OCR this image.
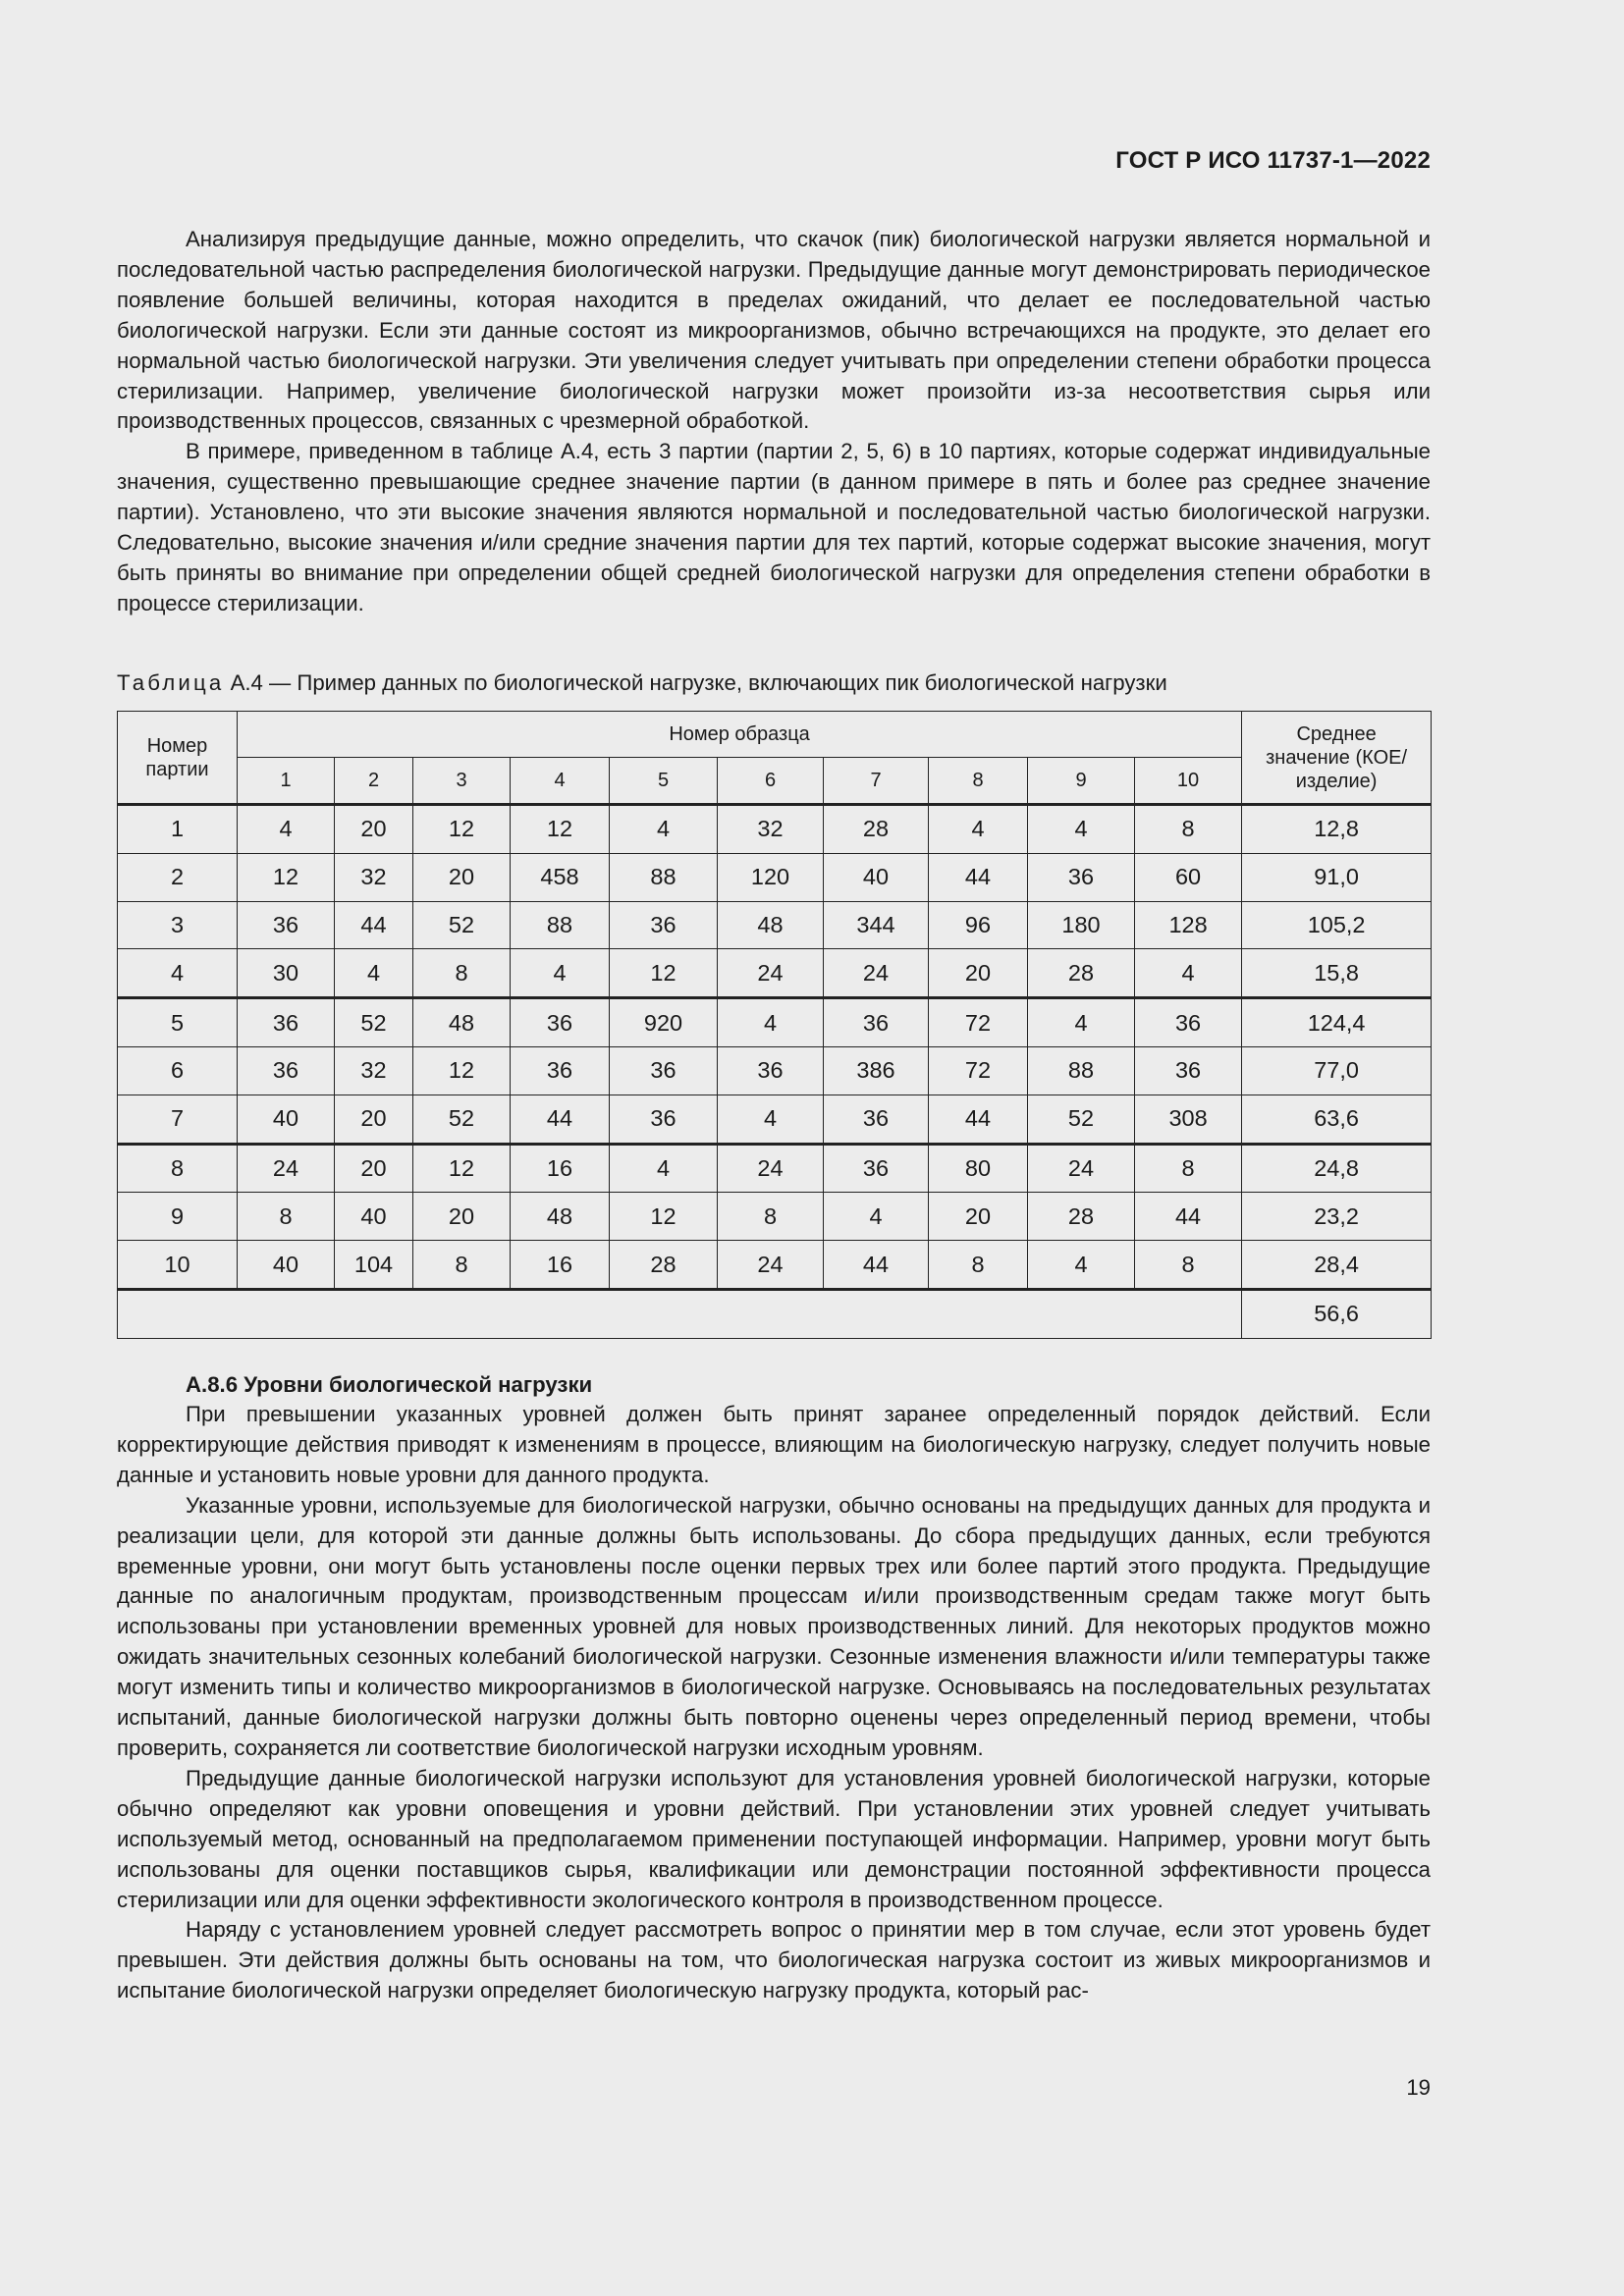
ГОСТ Р ИСО 11737-1—2022

Анализируя предыдущие данные, можно определить, что скачок (пик) биологической нагрузки является нормальной и последовательной частью распределения биологической нагрузки. Предыдущие данные могут демонстрировать периодическое появление большей величины, которая находится в пределах ожиданий, что делает ее последовательной частью биологической нагрузки. Если эти данные состоят из микроорганизмов, обычно встречающихся на продукте, это делает его нормальной частью биологической нагрузки. Эти увеличения следует учитывать при определении степени обработки процесса стерилизации. Например, увеличение биологической нагрузки может произойти из-за несоответствия сырья или производственных процессов, связанных с чрезмерной обработкой.

В примере, приведенном в таблице А.4, есть 3 партии (партии 2, 5, 6) в 10 партиях, которые содержат индивидуальные значения, существенно превышающие среднее значение партии (в данном примере в пять и более раз среднее значение партии). Установлено, что эти высокие значения являются нормальной и последовательной частью биологической нагрузки. Следовательно, высокие значения и/или средние значения партии для тех партий, которые содержат высокие значения, могут быть приняты во внимание при определении общей средней биологической нагрузки для определения степени обработки в процессе стерилизации.

Таблица А.4 — Пример данных по биологической нагрузке, включающих пик биологической нагрузки
Номер партии	Номер образца										Среднее значение (КОЕ/ изделие)
	1	2	3	4	5	6	7	8	9	10	
1	4	20	12	12	4	32	28	4	4	8	12,8
2	12	32	20	458	88	120	40	44	36	60	91,0
3	36	44	52	88	36	48	344	96	180	128	105,2
4	30	4	8	4	12	24	24	20	28	4	15,8
5	36	52	48	36	920	4	36	72	4	36	124,4
6	36	32	12	36	36	36	386	72	88	36	77,0
7	40	20	52	44	36	4	36	44	52	308	63,6
8	24	20	12	16	4	24	36	80	24	8	24,8
9	8	40	20	48	12	8	4	20	28	44	23,2
10	40	104	8	16	28	24	44	8	4	8	28,4
											56,6

А.8.6 Уровни биологической нагрузки

При превышении указанных уровней должен быть принят заранее определенный порядок действий. Если корректирующие действия приводят к изменениям в процессе, влияющим на биологическую нагрузку, следует получить новые данные и установить новые уровни для данного продукта.

Указанные уровни, используемые для биологической нагрузки, обычно основаны на предыдущих данных для продукта и реализации цели, для которой эти данные должны быть использованы. До сбора предыдущих данных, если требуются временные уровни, они могут быть установлены после оценки первых трех или более партий этого продукта. Предыдущие данные по аналогичным продуктам, производственным процессам и/или производственным средам также могут быть использованы при установлении временных уровней для новых производственных линий. Для некоторых продуктов можно ожидать значительных сезонных колебаний биологической нагрузки. Сезонные изменения влажности и/или температуры также могут изменить типы и количество микроорганизмов в биологической нагрузке. Основываясь на последовательных результатах испытаний, данные биологической нагрузки должны быть повторно оценены через определенный период времени, чтобы проверить, сохраняется ли соответствие биологической нагрузки исходным уровням.

Предыдущие данные биологической нагрузки используют для установления уровней биологической нагрузки, которые обычно определяют как уровни оповещения и уровни действий. При установлении этих уровней следует учитывать используемый метод, основанный на предполагаемом применении поступающей информации. Например, уровни могут быть использованы для оценки поставщиков сырья, квалификации или демонстрации постоянной эффективности процесса стерилизации или для оценки эффективности экологического контроля в производственном процессе.

Наряду с установлением уровней следует рассмотреть вопрос о принятии мер в том случае, если этот уровень будет превышен. Эти действия должны быть основаны на том, что биологическая нагрузка состоит из живых микроорганизмов и испытание биологической нагрузки определяет биологическую нагрузку продукта, который рас-

19
